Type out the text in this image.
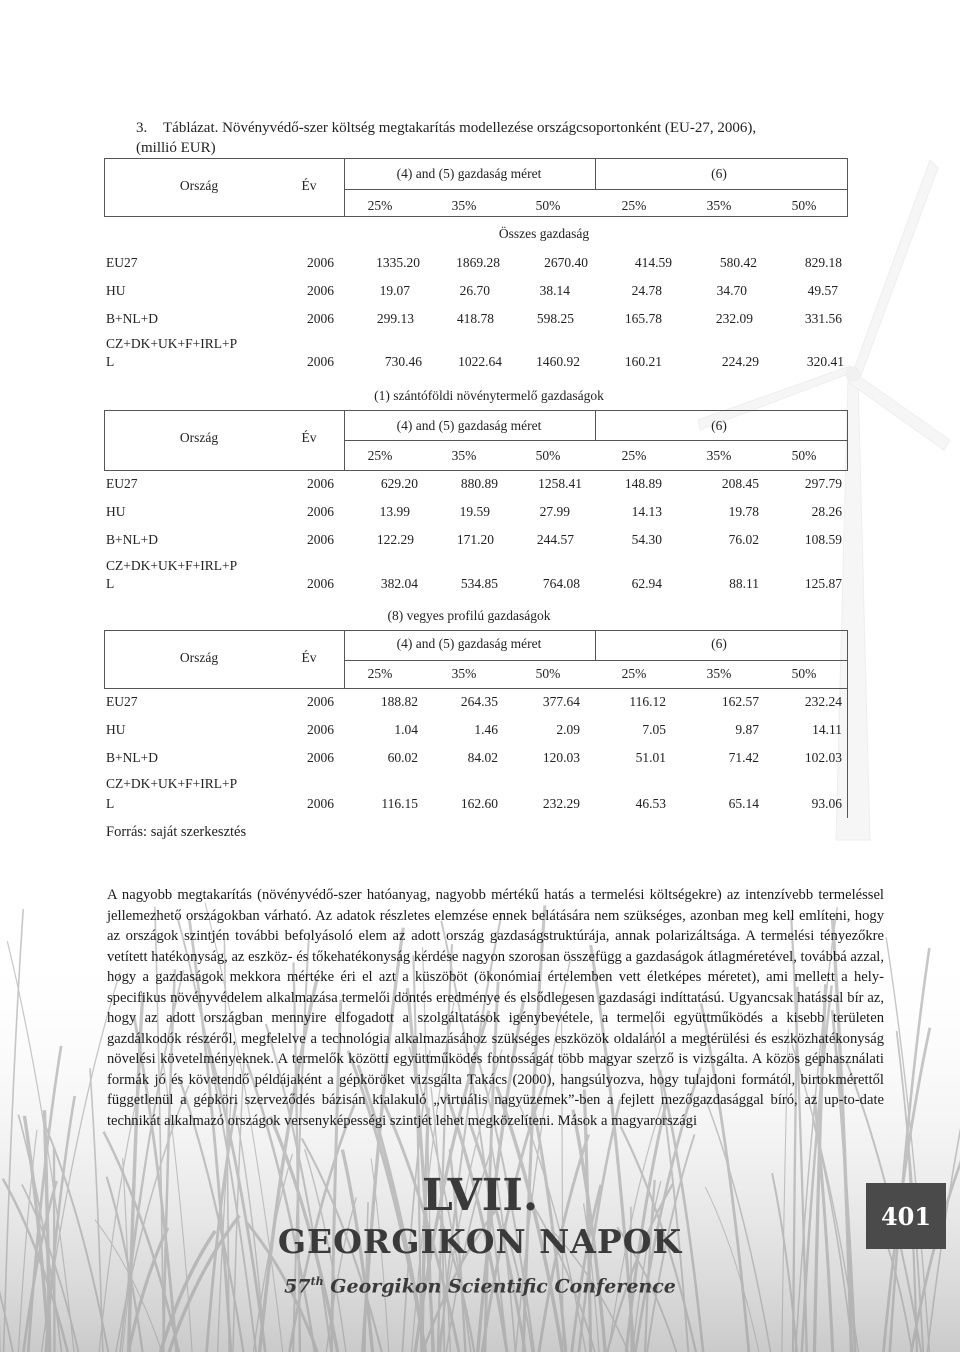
3. Táblázat. Növényvédő-szer költség megtakarítás modellezése országcsoportonként (EU-27, 2006),
(millió EUR)
Ország	Év
(4) and (5) gazdaság méret	(6)
25%	35%	50%	25%	35%	50%
Összes gazdaság
EU27	2006	1335.20	1869.28	2670.40	414.59	580.42	829.18
HU	2006	19.07	26.70	38.14	24.78	34.70	49.57
B+NL+D	2006	299.13	418.78	598.25	165.78	232.09	331.56
CZ+DK+UK+F+IRL+P
L	2006	730.46	1022.64	1460.92	160.21	224.29	320.41
(1) szántóföldi növénytermelő gazdaságok
Ország	Év
(4) and (5) gazdaság méret	(6)
25%	35%	50%	25%	35%	50%
EU27	2006	629.20	880.89	1258.41	148.89	208.45	297.79
HU	2006	13.99	19.59	27.99	14.13	19.78	28.26
B+NL+D	2006	122.29	171.20	244.57	54.30	76.02	108.59
CZ+DK+UK+F+IRL+P
L	2006	382.04	534.85	764.08	62.94	88.11	125.87
(8) vegyes profilú gazdaságok
Ország	Év
(4) and (5) gazdaság méret	(6)
25%	35%	50%	25%	35%	50%
EU27	2006	188.82	264.35	377.64	116.12	162.57	232.24
HU	2006	1.04	1.46	2.09	7.05	9.87	14.11
B+NL+D	2006	60.02	84.02	120.03	51.01	71.42	102.03
CZ+DK+UK+F+IRL+P
L	2006	116.15	162.60	232.29	46.53	65.14	93.06
Forrás: saját szerkesztés
A nagyobb megtakarítás (növényvédő-szer hatóanyag, nagyobb mértékű hatás a termelési költségekre) az intenzívebb termeléssel jellemezhető országokban várható. Az adatok részletes elemzése ennek belátására nem szükséges, azonban meg kell említeni, hogy az országok szintjén további befolyásoló elem az adott ország gazdaságstruktúrája, annak polarizáltsága. A termelési tényezőkre vetített hatékonyság, az eszköz- és tőkehatékonyság kérdése nagyon szorosan összefügg a gazdaságok átlagméretével, továbbá azzal, hogy a gazdaságok mekkora mértéke éri el azt a küszöböt (ökonómiai értelemben vett életképes méretet), ami mellett a hely-specifikus növényvédelem alkalmazása termelői döntés eredménye és elsődlegesen gazdasági indíttatású. Ugyancsak hatással bír az, hogy az adott országban mennyire elfogadott a szolgáltatások igénybevétele, a termelői együttműködés a kisebb területen gazdálkodók részéről, megfelelve a technológia alkalmazásához szükséges eszközök oldaláról a megtérülési és eszközhatékonyság növelési követelményeknek. A termelők közötti együttműködés fontosságát több magyar szerző is vizsgálta. A közös géphasználati formák jó és követendő példájaként a gépköröket vizsgálta Takács (2000), hangsúlyozva, hogy tulajdoni formától, birtokmérettől függetlenül a gépköri szerveződés bázisán kialakuló „virtuális nagyüzemek”-ben a fejlett mezőgazdasággal bíró, az up-to-date technikát alkalmazó országok versenyképességi szintjét lehet megközelíteni. Mások a magyarországi
LVII.
GEORGIKON NAPOK
57th Georgikon Scientific Conference
401
